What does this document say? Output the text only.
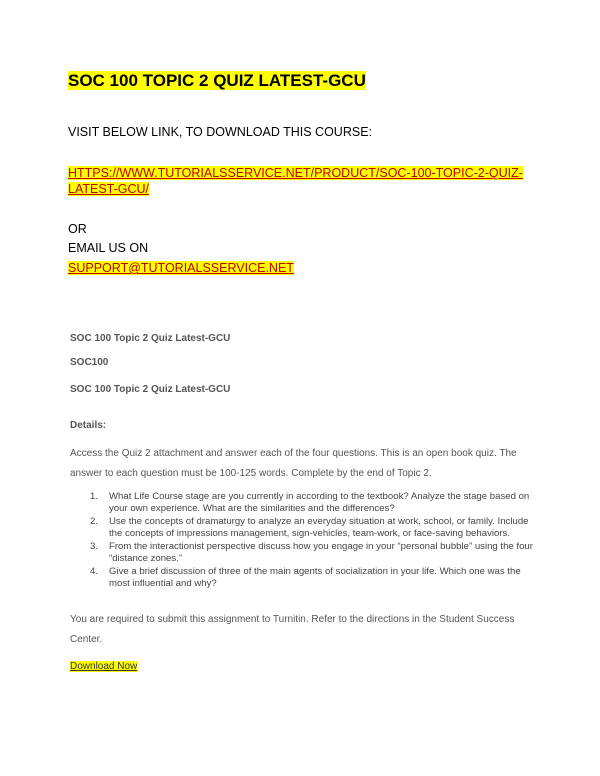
SOC 100 TOPIC 2 QUIZ LATEST-GCU
VISIT BELOW LINK, TO DOWNLOAD THIS COURSE:
HTTPS://WWW.TUTORIALSSERVICE.NET/PRODUCT/SOC-100-TOPIC-2-QUIZ-
LATEST-GCU/
OR
EMAIL US ON
SUPPORT@TUTORIALSSERVICE.NET
SOC 100 Topic 2 Quiz Latest-GCU
SOC100
SOC 100 Topic 2 Quiz Latest-GCU
Details:
Access the Quiz 2 attachment and answer each of the four questions. This is an open book quiz. The answer to each question must be 100-125 words. Complete by the end of Topic 2.
1. What Life Course stage are you currently in according to the textbook? Analyze the stage based on your own experience. What are the similarities and the differences?
2. Use the concepts of dramaturgy to analyze an everyday situation at work, school, or family. Include the concepts of impressions management, sign-vehicles, team-work, or face-saving behaviors.
3. From the interactionist perspective discuss how you engage in your “personal bubble” using the four “distance zones.”
4. Give a brief discussion of three of the main agents of socialization in your life. Which one was the most influential and why?
You are required to submit this assignment to Turnitin. Refer to the directions in the Student Success Center.
Download Now
